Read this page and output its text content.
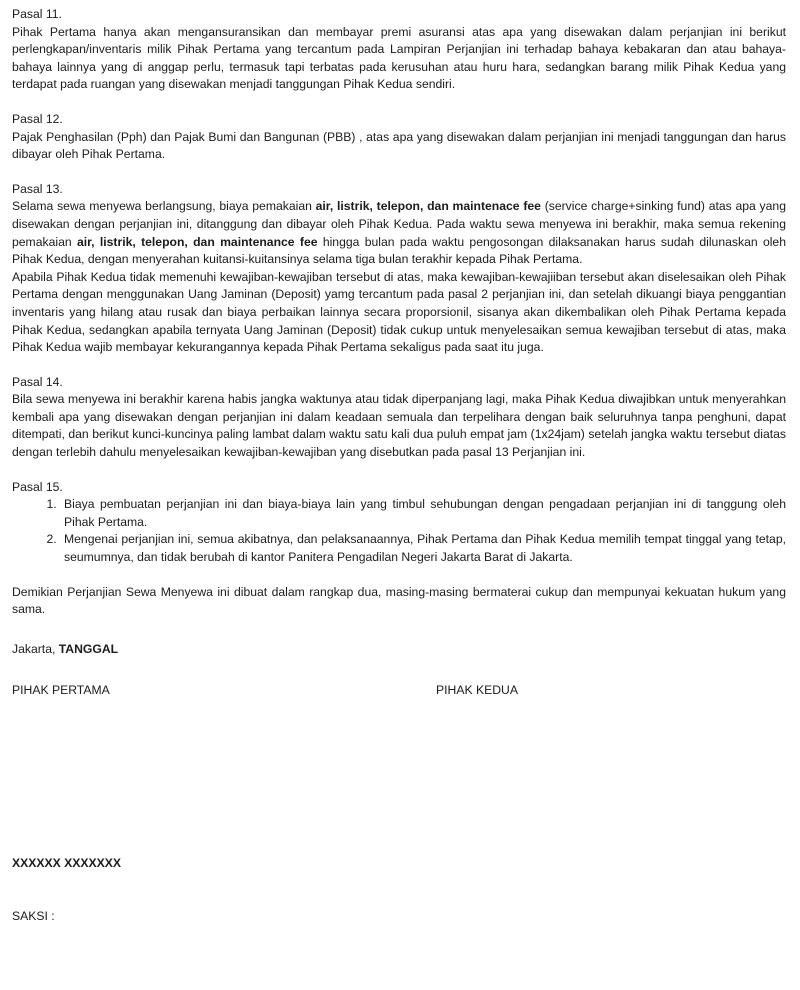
Pasal 11.

Pihak Pertama hanya akan mengansuransikan dan membayar premi asuransi atas apa yang disewakan dalam perjanjian ini berikut perlengkapan/inventaris milik Pihak Pertama yang tercantum pada Lampiran Perjanjian ini terhadap bahaya kebakaran dan atau bahaya-bahaya lainnya yang di anggap perlu, termasuk tapi terbatas pada kerusuhan atau huru hara, sedangkan barang milik Pihak Kedua yang terdapat pada ruangan yang disewakan menjadi tanggungan Pihak Kedua sendiri.

Pasal 12.

Pajak Penghasilan (Pph) dan Pajak Bumi dan Bangunan (PBB) , atas apa yang disewakan dalam perjanjian ini menjadi tanggungan dan harus dibayar oleh Pihak Pertama.

Pasal 13.

Selama sewa menyewa berlangsung, biaya pemakaian air, listrik, telepon, dan maintenace fee (service charge+sinking fund) atas apa yang disewakan dengan perjanjian ini, ditanggung dan dibayar oleh Pihak Kedua. Pada waktu sewa menyewa ini berakhir, maka semua rekening pemakaian air, listrik, telepon, dan maintenance fee hingga bulan pada waktu pengosongan dilaksanakan harus sudah dilunaskan oleh Pihak Kedua, dengan menyerahan kuitansi-kuitansinya selama tiga bulan terakhir kepada Pihak Pertama.

Apabila Pihak Kedua tidak memenuhi kewajiban-kewajiban tersebut di atas, maka kewajiban-kewajiiban tersebut akan diselesaikan oleh Pihak Pertama dengan menggunakan Uang Jaminan (Deposit) yamg tercantum pada pasal 2 perjanjian ini, dan setelah dikuangi biaya penggantian inventaris yang hilang atau rusak dan biaya perbaikan lainnya secara proporsionil, sisanya akan dikembalikan oleh Pihak Pertama kepada Pihak Kedua, sedangkan apabila ternyata Uang Jaminan (Deposit) tidak cukup untuk menyelesaikan semua kewajiban tersebut di atas, maka Pihak Kedua wajib membayar kekurangannya kepada Pihak Pertama sekaligus pada saat itu juga.

Pasal 14.

Bila sewa menyewa ini berakhir karena habis jangka waktunya atau tidak diperpanjang lagi, maka Pihak Kedua diwajibkan untuk menyerahkan kembali apa yang disewakan dengan perjanjian ini dalam keadaan semuala dan terpelihara dengan baik seluruhnya tanpa penghuni, dapat ditempati, dan berikut kunci-kuncinya paling lambat dalam waktu satu kali dua puluh empat jam (1x24jam) setelah jangka waktu tersebut diatas dengan terlebih dahulu menyelesaikan kewajiban-kewajiban yang disebutkan pada pasal 13 Perjanjian ini.

Pasal 15.
1. Biaya pembuatan perjanjian ini dan biaya-biaya lain yang timbul sehubungan dengan pengadaan perjanjian ini di tanggung oleh Pihak Pertama.
2. Mengenai perjanjian ini, semua akibatnya, dan pelaksanaannya, Pihak Pertama dan Pihak Kedua memilih tempat tinggal yang tetap, seumumnya, dan tidak berubah di kantor Panitera Pengadilan Negeri Jakarta Barat di Jakarta.

Demikian Perjanjian Sewa Menyewa ini dibuat dalam rangkap dua, masing-masing bermaterai cukup dan mempunyai kekuatan hukum yang sama.

Jakarta, TANGGAL
PIHAK PERTAMA	PIHAK KEDUA
XXXXXX XXXXXXX
SAKSI :
